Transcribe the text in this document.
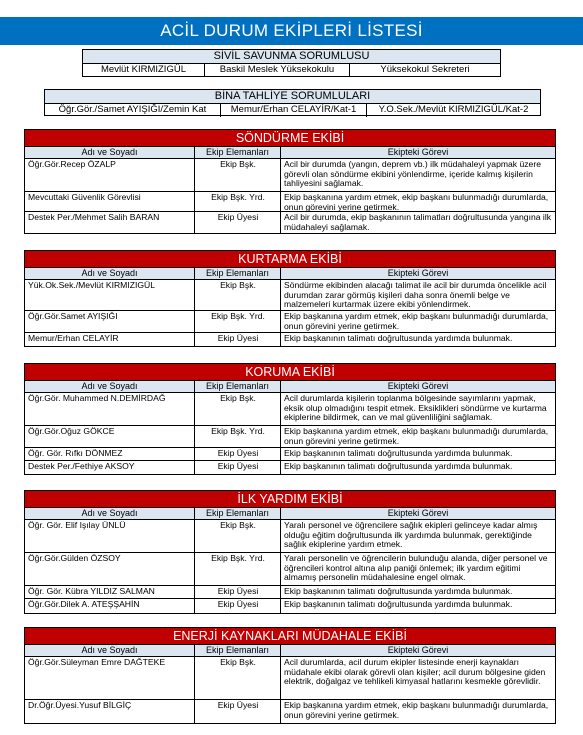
ACİL DURUM EKİPLERİ LİSTESİ
SİVİL SAVUNMA SORUMLUSU
Mevlüt KIRMIZIGÜL	Baskil Meslek Yüksekokulu	Yüksekokul Sekreteri
BİNA TAHLİYE SORUMLULARI
Öğr.Gör./Samet AYIŞIĞI/Zemin Kat	Memur/Erhan CELAYİR/Kat-1	Y.O.Sek./Mevlüt KIRMIZIGÜL/Kat-2
SÖNDÜRME EKİBİ
Adı ve Soyadı	Ekip Elemanları	Ekipteki Görevi
Öğr.Gör.Recep ÖZALP	Ekip Bşk.	Acil bir durumda (yangın, deprem vb.) ilk müdahaleyi yapmak üzere görevli olan söndürme ekibini yönlendirme, içeride kalmış kişilerin tahliyesini sağlamak.
Mevcuttaki Güvenlik Görevlisi	Ekip Bşk. Yrd.	Ekip başkanına yardım etmek, ekip başkanı bulunmadığı durumlarda, onun görevini yerine getirmek.
Destek Per./Mehmet Salih BARAN	Ekip Üyesi	Acil bir durumda, ekip başkanının talimatları doğrultusunda yangına ilk müdahaleyi sağlamak.
KURTARMA EKİBİ
Adı ve Soyadı	Ekip Elemanları	Ekipteki Görevi
Yük.Ok.Sek./Mevlüt KIRMIZIGÜL	Ekip Bşk.	Söndürme ekibinden alacağı talimat ile acil bir durumda öncelikle acil durumdan zarar görmüş kişileri daha sonra önemli belge ve malzemeleri kurtarmak üzere ekibi yönlendirmek.
Öğr.Gör.Samet AYIŞIĞI	Ekip Bşk. Yrd.	Ekip başkanına yardım etmek, ekip başkanı bulunmadığı durumlarda, onun görevini yerine getirmek.
Memur/Erhan CELAYİR	Ekip Üyesi	Ekip başkanının talimatı doğrultusunda yardımda bulunmak.
KORUMA EKİBİ
Adı ve Soyadı	Ekip Elemanları	Ekipteki Görevi
Öğr.Gör. Muhammed N.DEMİRDAĞ	Ekip Bşk.	Acil durumlarda kişilerin toplanma bölgesinde sayımlarını yapmak, eksik olup olmadığını tespit etmek. Eksiklikleri söndürme ve kurtarma ekiplerine bildirmek, can ve mal güvenliliğini sağlamak.
Öğr.Gör.Oğuz GÖKCE	Ekip Bşk. Yrd.	Ekip başkanına yardım etmek, ekip başkanı bulunmadığı durumlarda, onun görevini yerine getirmek.
Öğr. Gör. Rıfkı DÖNMEZ	Ekip Üyesi	Ekip başkanının talimatı doğrultusunda yardımda bulunmak.
Destek Per./Fethiye AKSOY	Ekip Üyesi	Ekip başkanının talimatı doğrultusunda yardımda bulunmak.
İLK YARDIM EKİBİ
Adı ve Soyadı	Ekip Elemanları	Ekipteki Görevi
Öğr. Gör. Elif Işılay ÜNLÜ	Ekip Bşk.	Yaralı personel ve öğrencilere sağlık ekipleri gelinceye kadar almış olduğu eğitim doğrultusunda ilk yardımda bulunmak, gerektiğinde sağlık ekiplerine yardım etmek.
Öğr.Gör.Gülden ÖZSOY	Ekip Bşk. Yrd.	Yaralı personelin ve öğrencilerin bulunduğu alanda, diğer personel ve öğrencileri kontrol altına alıp paniği önlemek; ilk yardım eğitimi almamış personelin müdahalesine engel olmak.
Öğr. Gör. Kübra YILDIZ SALMAN	Ekip Üyesi	Ekip başkanının talimatı doğrultusunda yardımda bulunmak.
Öğr.Gör.Dilek A. ATEŞŞAHİN	Ekip Üyesi	Ekip başkanının talimatı doğrultusunda yardımda bulunmak.
ENERJİ KAYNAKLARI MÜDAHALE EKİBİ
Adı ve Soyadı	Ekip Elemanları	Ekipteki Görevi
Öğr.Gör.Süleyman Emre DAĞTEKE	Ekip Bşk.	Acil durumlarda, acil durum ekipler listesinde enerji kaynakları müdahale ekibi olarak görevli olan kişiler; acil durum bölgesine giden elektrik, doğalgaz ve tehlikeli kimyasal hatlarını kesmekle görevlidir.
Dr.Öğr.Üyesi.Yusuf BİLGİÇ	Ekip Üyesi	Ekip başkanına yardım etmek, ekip başkanı bulunmadığı durumlarda, onun görevini yerine getirmek.
